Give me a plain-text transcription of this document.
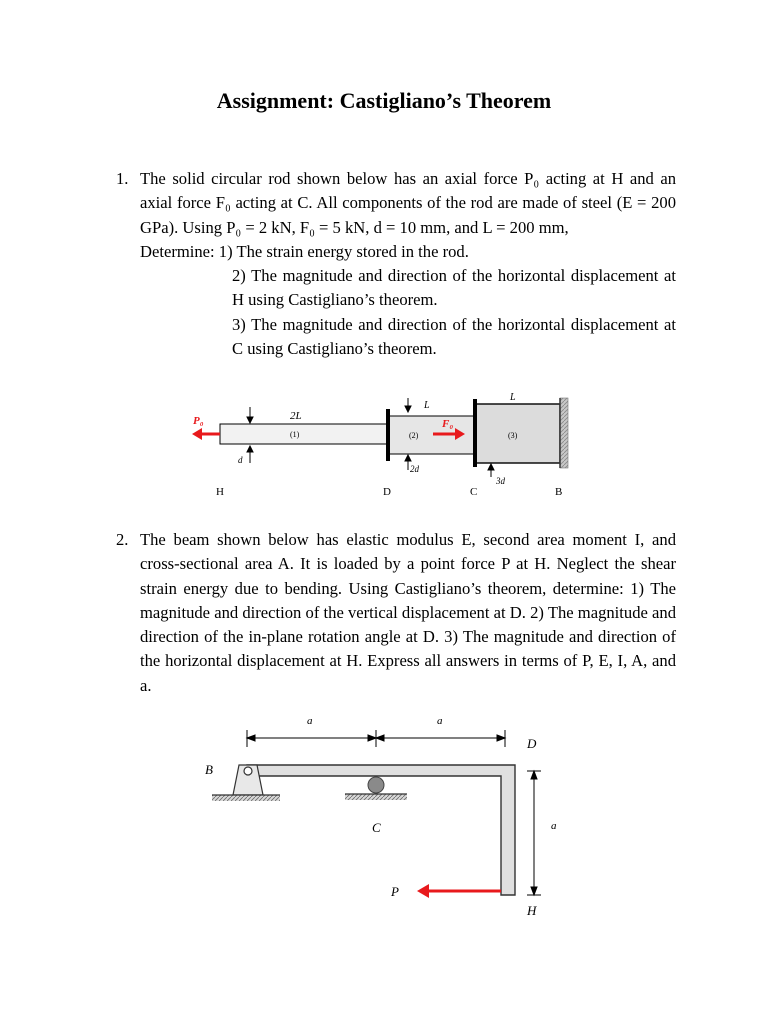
Assignment: Castigliano’s Theorem
1. The solid circular rod shown below has an axial force P₀ acting at H and an axial force F₀ acting at C. All components of the rod are made of steel (E = 200 GPa). Using P₀ = 2 kN, F₀ = 5 kN, d = 10 mm, and L = 200 mm,
Determine: 1) The strain energy stored in the rod.
2) The magnitude and direction of the horizontal displacement at H using Castigliano’s theorem.
3) The magnitude and direction of the horizontal displacement at C using Castigliano’s theorem.
P₀	F₀
2L
(1)
L
(2)
L
(3)
d
2d
3d
H	D	C	B
2. The beam shown below has elastic modulus E, second area moment I, and cross-sectional area A. It is loaded by a point force P at H. Neglect the shear strain energy due to bending. Using Castigliano’s theorem, determine: 1) The magnitude and direction of the vertical displacement at D. 2) The magnitude and direction of the in-plane rotation angle at D. 3) The magnitude and direction of the horizontal displacement at H. Express all answers in terms of P, E, I, A, and a.
a	a
D
B
C	a
P
H
